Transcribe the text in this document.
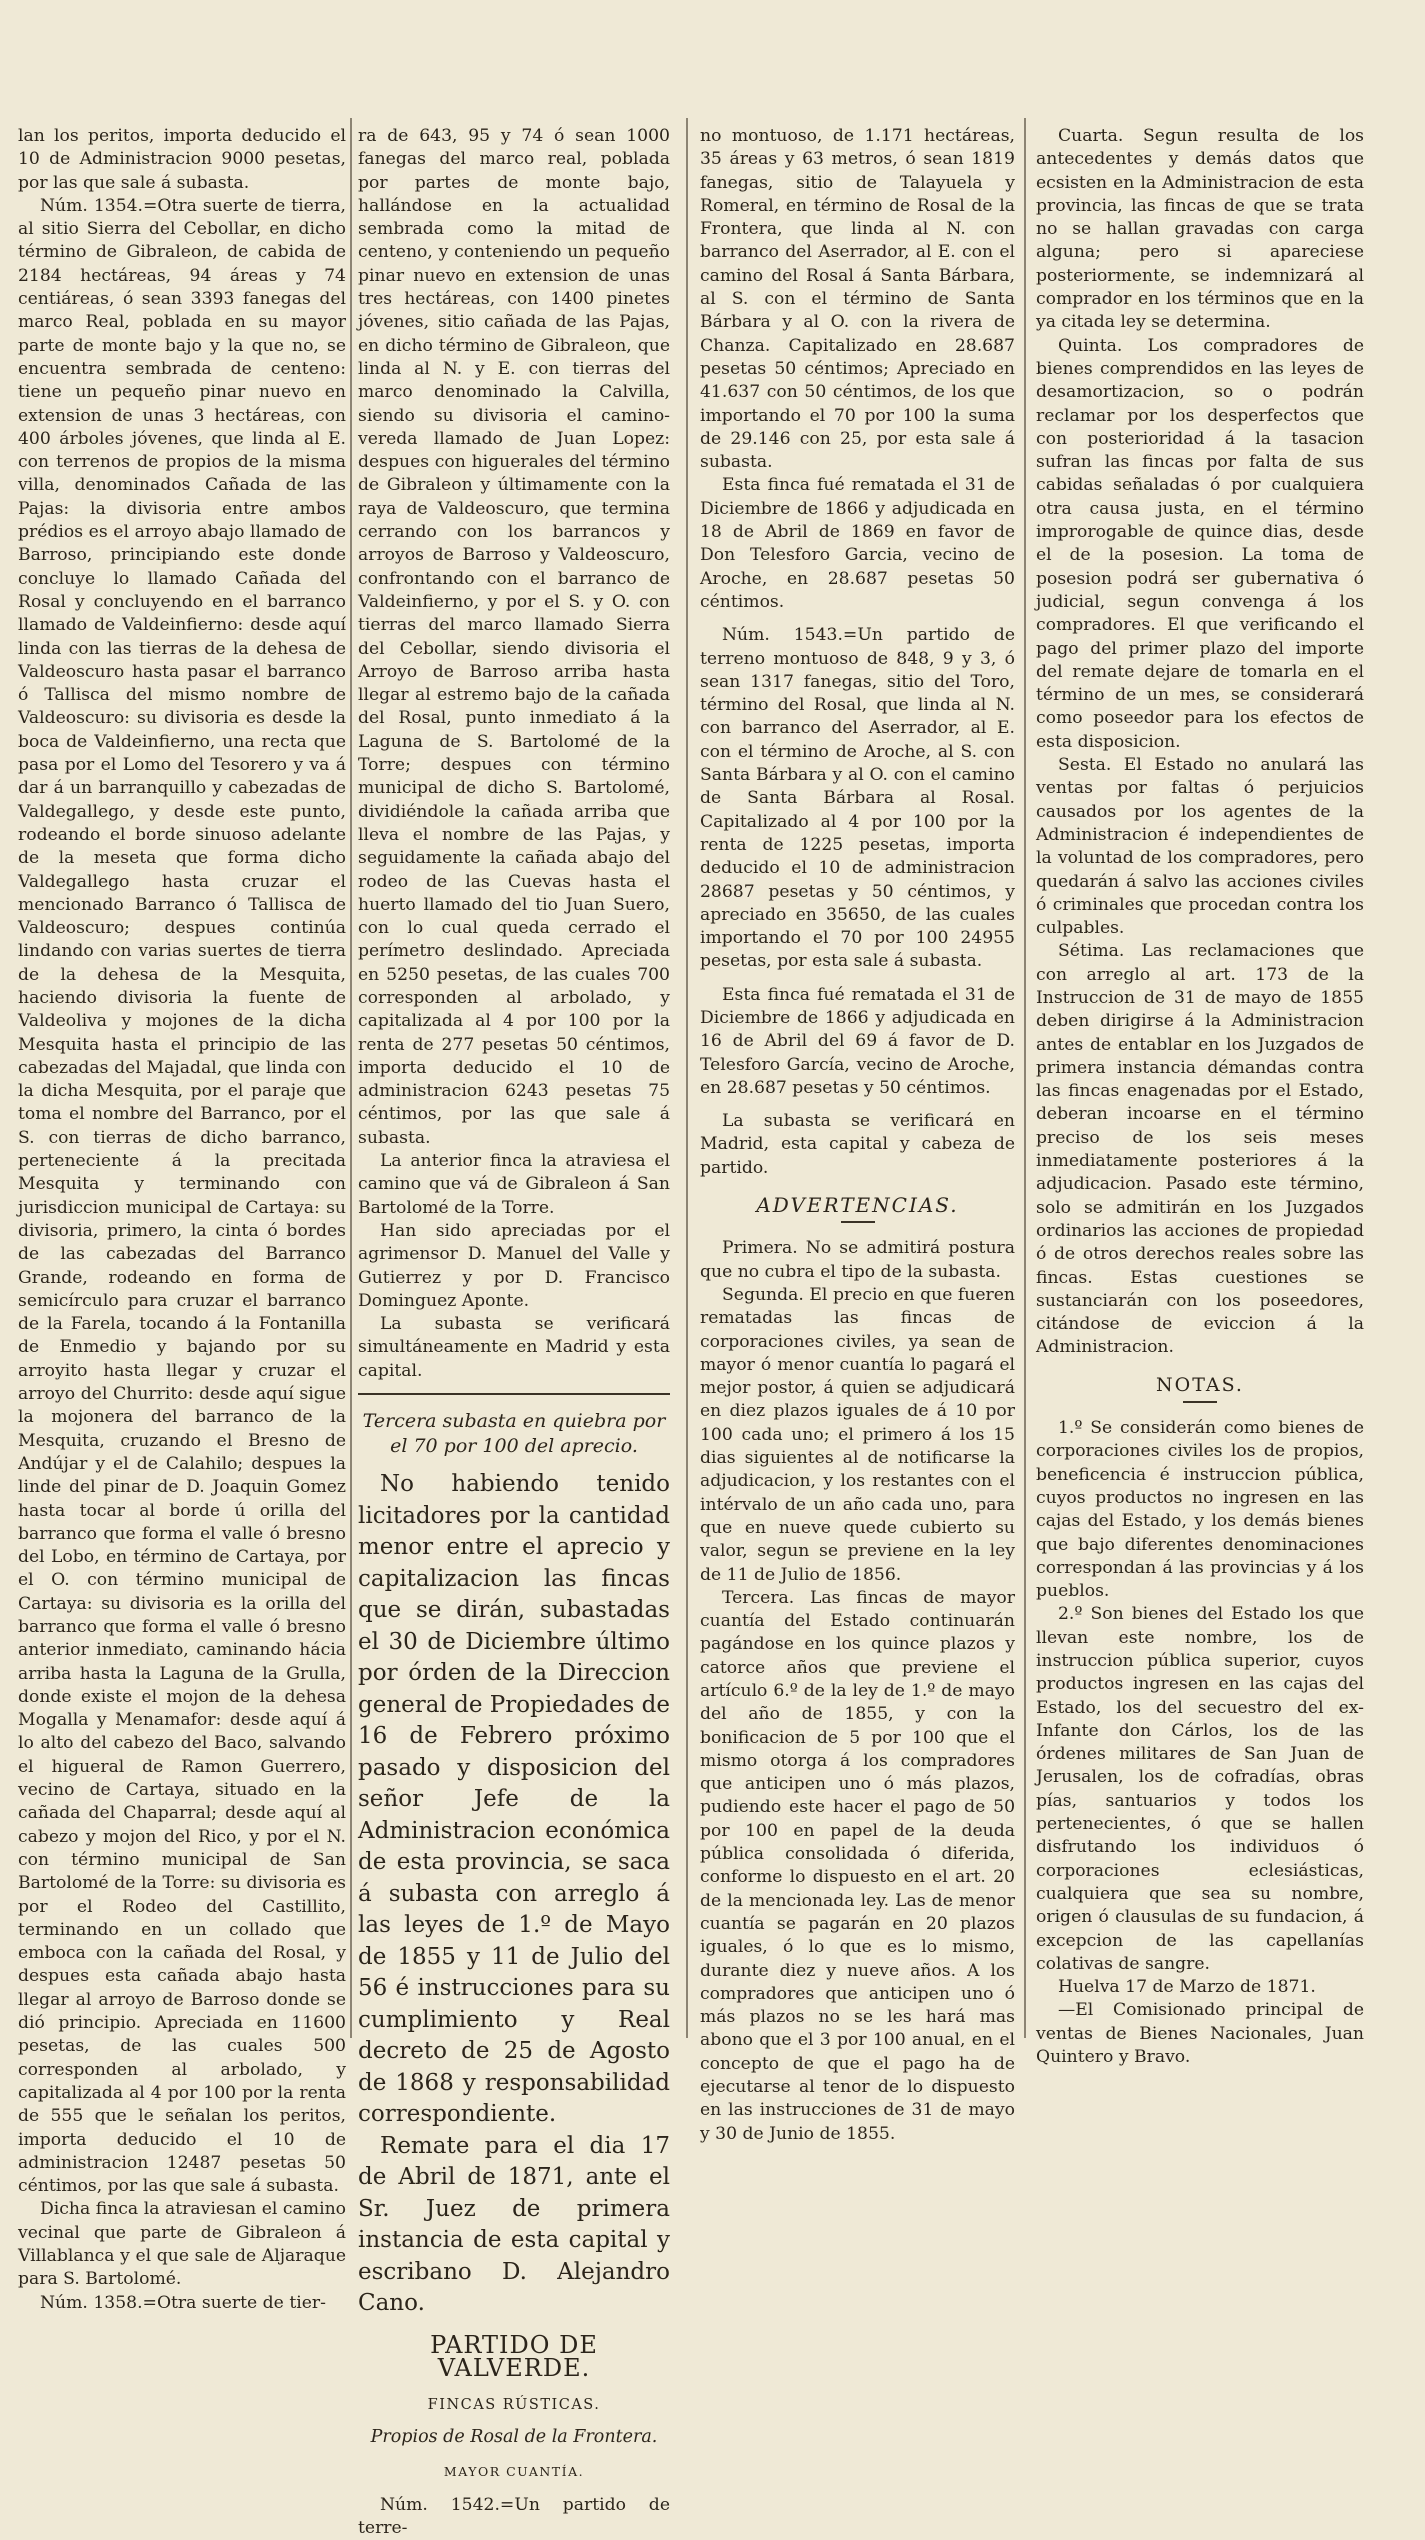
lan los peritos, importa deducido el 10 de Administracion 9000 pesetas, por las que sale á subasta.

Núm. 1354.=Otra suerte de tierra, al sitio Sierra del Cebollar, en dicho término de Gibraleon, de cabida de 2184 hectáreas, 94 áreas y 74 centiáreas, ó sean 3393 fanegas del marco Real, poblada en su mayor parte de monte bajo y la que no, se encuentra sembrada de centeno: tiene un pequeño pinar nuevo en extension de unas 3 hectáreas, con 400 árboles jóvenes, que linda al E. con terrenos de propios de la misma villa, denominados Cañada de las Pajas: la divisoria entre ambos prédios es el arroyo abajo llamado de Barroso, principiando este donde concluye lo llamado Cañada del Rosal y concluyendo en el barranco llamado de Valdeinfierno: desde aquí linda con las tierras de la dehesa de Valdeoscuro hasta pasar el barranco ó Tallisca del mismo nombre de Valdeoscuro: su divisoria es desde la boca de Valdeinfierno, una recta que pasa por el Lomo del Tesorero y va á dar á un barranquillo y cabezadas de Valdegallego, y desde este punto, rodeando el borde sinuoso adelante de la meseta que forma dicho Valdegallego hasta cruzar el mencionado Barranco ó Tallisca de Valdeoscuro; despues continúa lindando con varias suertes de tierra de la dehesa de la Mesquita, haciendo divisoria la fuente de Valdeoliva y mojones de la dicha Mesquita hasta el principio de las cabezadas del Majadal, que linda con la dicha Mesquita, por el paraje que toma el nombre del Barranco, por el S. con tierras de dicho barranco, perteneciente á la precitada Mesquita y terminando con jurisdiccion municipal de Cartaya: su divisoria, primero, la cinta ó bordes de las cabezadas del Barranco Grande, rodeando en forma de semicírculo para cruzar el barranco de la Farela, tocando á la Fontanilla de Enmedio y bajando por su arroyito hasta llegar y cruzar el arroyo del Churrito: desde aquí sigue la mojonera del barranco de la Mesquita, cruzando el Bresno de Andújar y el de Calahilo; despues la linde del pinar de D. Joaquin Gomez hasta tocar al borde ú orilla del barranco que forma el valle ó bresno del Lobo, en término de Cartaya, por el O. con término municipal de Cartaya: su divisoria es la orilla del barranco que forma el valle ó bresno anterior inmediato, caminando hácia arriba hasta la Laguna de la Grulla, donde existe el mojon de la dehesa Mogalla y Menamafor: desde aquí á lo alto del cabezo del Baco, salvando el higueral de Ramon Guerrero, vecino de Cartaya, situado en la cañada del Chaparral; desde aquí al cabezo y mojon del Rico, y por el N. con término municipal de San Bartolomé de la Torre: su divisoria es por el Rodeo del Castillito, terminando en un collado que emboca con la cañada del Rosal, y despues esta cañada abajo hasta llegar al arroyo de Barroso donde se dió principio. Apreciada en 11600 pesetas, de las cuales 500 corresponden al arbolado, y capitalizada al 4 por 100 por la renta de 555 que le señalan los peritos, importa deducido el 10 de administracion 12487 pesetas 50 céntimos, por las que sale á subasta.

Dicha finca la atraviesan el camino vecinal que parte de Gibraleon á Villablanca y el que sale de Aljaraque para S. Bartolomé.

Núm. 1358.=Otra suerte de tier-

ra de 643, 95 y 74 ó sean 1000 fanegas del marco real, poblada por partes de monte bajo, hallándose en la actualidad sembrada como la mitad de centeno, y conteniendo un pequeño pinar nuevo en extension de unas tres hectáreas, con 1400 pinetes jóvenes, sitio cañada de las Pajas, en dicho término de Gibraleon, que linda al N. y E. con tierras del marco denominado la Calvilla, siendo su divisoria el camino-vereda llamado de Juan Lopez: despues con higuerales del término de Gibraleon y últimamente con la raya de Valdeoscuro, que termina cerrando con los barrancos y arroyos de Barroso y Valdeoscuro, confrontando con el barranco de Valdeinfierno, y por el S. y O. con tierras del marco llamado Sierra del Cebollar, siendo divisoria el Arroyo de Barroso arriba hasta llegar al estremo bajo de la cañada del Rosal, punto inmediato á la Laguna de S. Bartolomé de la Torre; despues con término municipal de dicho S. Bartolomé, dividiéndole la cañada arriba que lleva el nombre de las Pajas, y seguidamente la cañada abajo del rodeo de las Cuevas hasta el huerto llamado del tio Juan Suero, con lo cual queda cerrado el perímetro deslindado. Apreciada en 5250 pesetas, de las cuales 700 corresponden al arbolado, y capitalizada al 4 por 100 por la renta de 277 pesetas 50 céntimos, importa deducido el 10 de administracion 6243 pesetas 75 céntimos, por las que sale á subasta.

La anterior finca la atraviesa el camino que vá de Gibraleon á San Bartolomé de la Torre.

Han sido apreciadas por el agrimensor D. Manuel del Valle y Gutierrez y por D. Francisco Dominguez Aponte.

La subasta se verificará simultáneamente en Madrid y esta capital.

Tercera subasta en quiebra por el 70 por 100 del aprecio.

No habiendo tenido licitadores por la cantidad menor entre el aprecio y capitalizacion las fincas que se dirán, subastadas el 30 de Diciembre último por órden de la Direccion general de Propiedades de 16 de Febrero próximo pasado y disposicion del señor Jefe de la Administracion económica de esta provincia, se saca á subasta con arreglo á las leyes de 1.º de Mayo de 1855 y 11 de Julio del 56 é instrucciones para su cumplimiento y Real decreto de 25 de Agosto de 1868 y responsabilidad correspondiente.

Remate para el dia 17 de Abril de 1871, ante el Sr. Juez de primera instancia de esta capital y escribano D. Alejandro Cano.

PARTIDO DE VALVERDE.
FINCAS RÚSTICAS.
Propios de Rosal de la Frontera.
MAYOR CUANTÍA.

Núm. 1542.=Un partido de terre-

no montuoso, de 1.171 hectáreas, 35 áreas y 63 metros, ó sean 1819 fanegas, sitio de Talayuela y Romeral, en término de Rosal de la Frontera, que linda al N. con barranco del Aserrador, al E. con el camino del Rosal á Santa Bárbara, al S. con el término de Santa Bárbara y al O. con la rivera de Chanza. Capitalizado en 28.687 pesetas 50 céntimos; Apreciado en 41.637 con 50 céntimos, de los que importando el 70 por 100 la suma de 29.146 con 25, por esta sale á subasta.

Esta finca fué rematada el 31 de Diciembre de 1866 y adjudicada en 18 de Abril de 1869 en favor de Don Telesforo Garcia, vecino de Aroche, en 28.687 pesetas 50 céntimos.

Núm. 1543.=Un partido de terreno montuoso de 848, 9 y 3, ó sean 1317 fanegas, sitio del Toro, término del Rosal, que linda al N. con barranco del Aserrador, al E. con el término de Aroche, al S. con Santa Bárbara y al O. con el camino de Santa Bárbara al Rosal. Capitalizado al 4 por 100 por la renta de 1225 pesetas, importa deducido el 10 de administracion 28687 pesetas y 50 céntimos, y apreciado en 35650, de las cuales importando el 70 por 100 24955 pesetas, por esta sale á subasta.

Esta finca fué rematada el 31 de Diciembre de 1866 y adjudicada en 16 de Abril del 69 á favor de D. Telesforo García, vecino de Aroche, en 28.687 pesetas y 50 céntimos.

La subasta se verificará en Madrid, esta capital y cabeza de partido.

ADVERTENCIAS.

Primera. No se admitirá postura que no cubra el tipo de la subasta.

Segunda. El precio en que fueren rematadas las fincas de corporaciones civiles, ya sean de mayor ó menor cuantía lo pagará el mejor postor, á quien se adjudicará en diez plazos iguales de á 10 por 100 cada uno; el primero á los 15 dias siguientes al de notificarse la adjudicacion, y los restantes con el intérvalo de un año cada uno, para que en nueve quede cubierto su valor, segun se previene en la ley de 11 de Julio de 1856.

Tercera. Las fincas de mayor cuantía del Estado continuarán pagándose en los quince plazos y catorce años que previene el artículo 6.º de la ley de 1.º de mayo del año de 1855, y con la bonificacion de 5 por 100 que el mismo otorga á los compradores que anticipen uno ó más plazos, pudiendo este hacer el pago de 50 por 100 en papel de la deuda pública consolidada ó diferida, conforme lo dispuesto en el art. 20 de la mencionada ley. Las de menor cuantía se pagarán en 20 plazos iguales, ó lo que es lo mismo, durante diez y nueve años. A los compradores que anticipen uno ó más plazos no se les hará mas abono que el 3 por 100 anual, en el concepto de que el pago ha de ejecutarse al tenor de lo dispuesto en las instrucciones de 31 de mayo y 30 de Junio de 1855.

Cuarta. Segun resulta de los antecedentes y demás datos que ecsisten en la Administracion de esta provincia, las fincas de que se trata no se hallan gravadas con carga alguna; pero si apareciese posteriormente, se indemnizará al comprador en los términos que en la ya citada ley se determina.

Quinta. Los compradores de bienes comprendidos en las leyes de desamortizacion, so o podrán reclamar por los desperfectos que con posterioridad á la tasacion sufran las fincas por falta de sus cabidas señaladas ó por cualquiera otra causa justa, en el término improrogable de quince dias, desde el de la posesion. La toma de posesion podrá ser gubernativa ó judicial, segun convenga á los compradores. El que verificando el pago del primer plazo del importe del remate dejare de tomarla en el término de un mes, se considerará como poseedor para los efectos de esta disposicion.

Sesta. El Estado no anulará las ventas por faltas ó perjuicios causados por los agentes de la Administracion é independientes de la voluntad de los compradores, pero quedarán á salvo las acciones civiles ó criminales que procedan contra los culpables.

Sétima. Las reclamaciones que con arreglo al art. 173 de la Instruccion de 31 de mayo de 1855 deben dirigirse á la Administracion antes de entablar en los Juzgados de primera instancia démandas contra las fincas enagenadas por el Estado, deberan incoarse en el término preciso de los seis meses inmediatamente posteriores á la adjudicacion. Pasado este término, solo se admitirán en los Juzgados ordinarios las acciones de propiedad ó de otros derechos reales sobre las fincas. Estas cuestiones se sustanciarán con los poseedores, citándose de eviccion á la Administracion.

NOTAS.

1.º Se considerán como bienes de corporaciones civiles los de propios, beneficencia é instruccion pública, cuyos productos no ingresen en las cajas del Estado, y los demás bienes que bajo diferentes denominaciones correspondan á las provincias y á los pueblos.

2.º Son bienes del Estado los que llevan este nombre, los de instruccion pública superior, cuyos productos ingresen en las cajas del Estado, los del secuestro del ex-Infante don Cárlos, los de las órdenes militares de San Juan de Jerusalen, los de cofradías, obras pías, santuarios y todos los pertenecientes, ó que se hallen disfrutando los individuos ó corporaciones eclesiásticas, cualquiera que sea su nombre, origen ó clausulas de su fundacion, á excepcion de las capellanías colativas de sangre.

Huelva 17 de Marzo de 1871.

—El Comisionado principal de ventas de Bienes Nacionales, Juan Quintero y Bravo.
